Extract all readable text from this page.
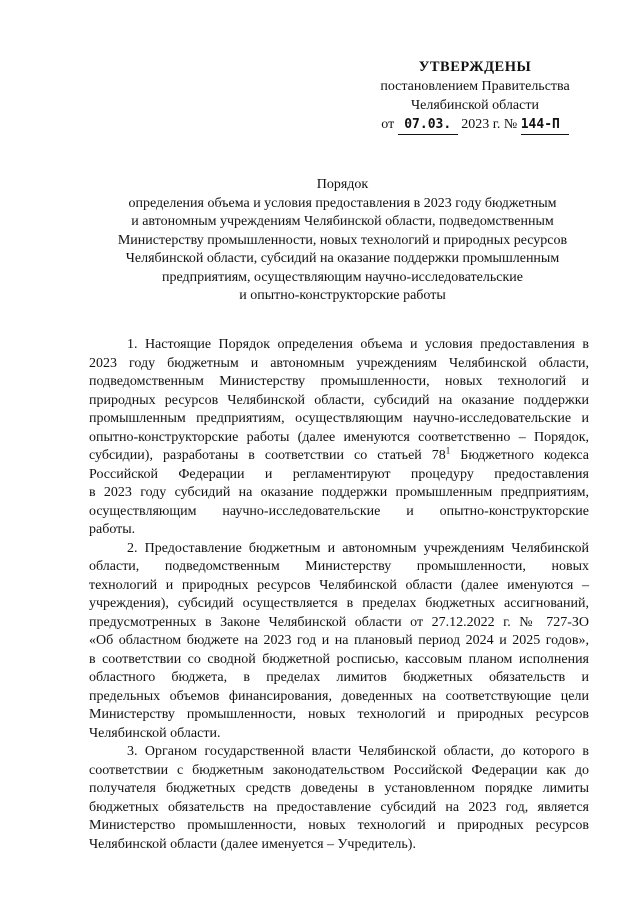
УТВЕРЖДЕНЫ
постановлением Правительства
Челябинской области
от 07.03. 2023 г. № 144-П
Порядок
определения объема и условия предоставления в 2023 году бюджетным
и автономным учреждениям Челябинской области, подведомственным
Министерству промышленности, новых технологий и природных ресурсов
Челябинской области, субсидий на оказание поддержки промышленным
предприятиям, осуществляющим научно-исследовательские
и опытно-конструкторские работы
1. Настоящие Порядок определения объема и условия предоставления в
2023 году бюджетным и автономным учреждениям Челябинской области,
подведомственным Министерству промышленности, новых технологий и
природных ресурсов Челябинской области, субсидий на оказание поддержки
промышленным предприятиям, осуществляющим научно-исследовательские и
опытно-конструкторские работы (далее именуются соответственно – Порядок,
субсидии), разработаны в соответствии со статьей $78^1$ Бюджетного кодекса
Российской Федерации и регламентируют процедуру предоставления
в 2023 году субсидий на оказание поддержки промышленным предприятиям,
осуществляющим научно-исследовательские и опытно-конструкторские
работы.
2. Предоставление бюджетным и автономным учреждениям Челябинской
области, подведомственным Министерству промышленности, новых
технологий и природных ресурсов Челябинской области (далее именуются –
учреждения), субсидий осуществляется в пределах бюджетных ассигнований,
предусмотренных в Законе Челябинской области от 27.12.2022 г. № 727-ЗО
«Об областном бюджете на 2023 год и на плановый период 2024 и 2025 годов»,
в соответствии со сводной бюджетной росписью, кассовым планом исполнения
областного бюджета, в пределах лимитов бюджетных обязательств и
предельных объемов финансирования, доведенных на соответствующие цели
Министерству промышленности, новых технологий и природных ресурсов
Челябинской области.
3. Органом государственной власти Челябинской области, до которого в
соответствии с бюджетным законодательством Российской Федерации как до
получателя бюджетных средств доведены в установленном порядке лимиты
бюджетных обязательств на предоставление субсидий на 2023 год, является
Министерство промышленности, новых технологий и природных ресурсов
Челябинской области (далее именуется – Учредитель).
